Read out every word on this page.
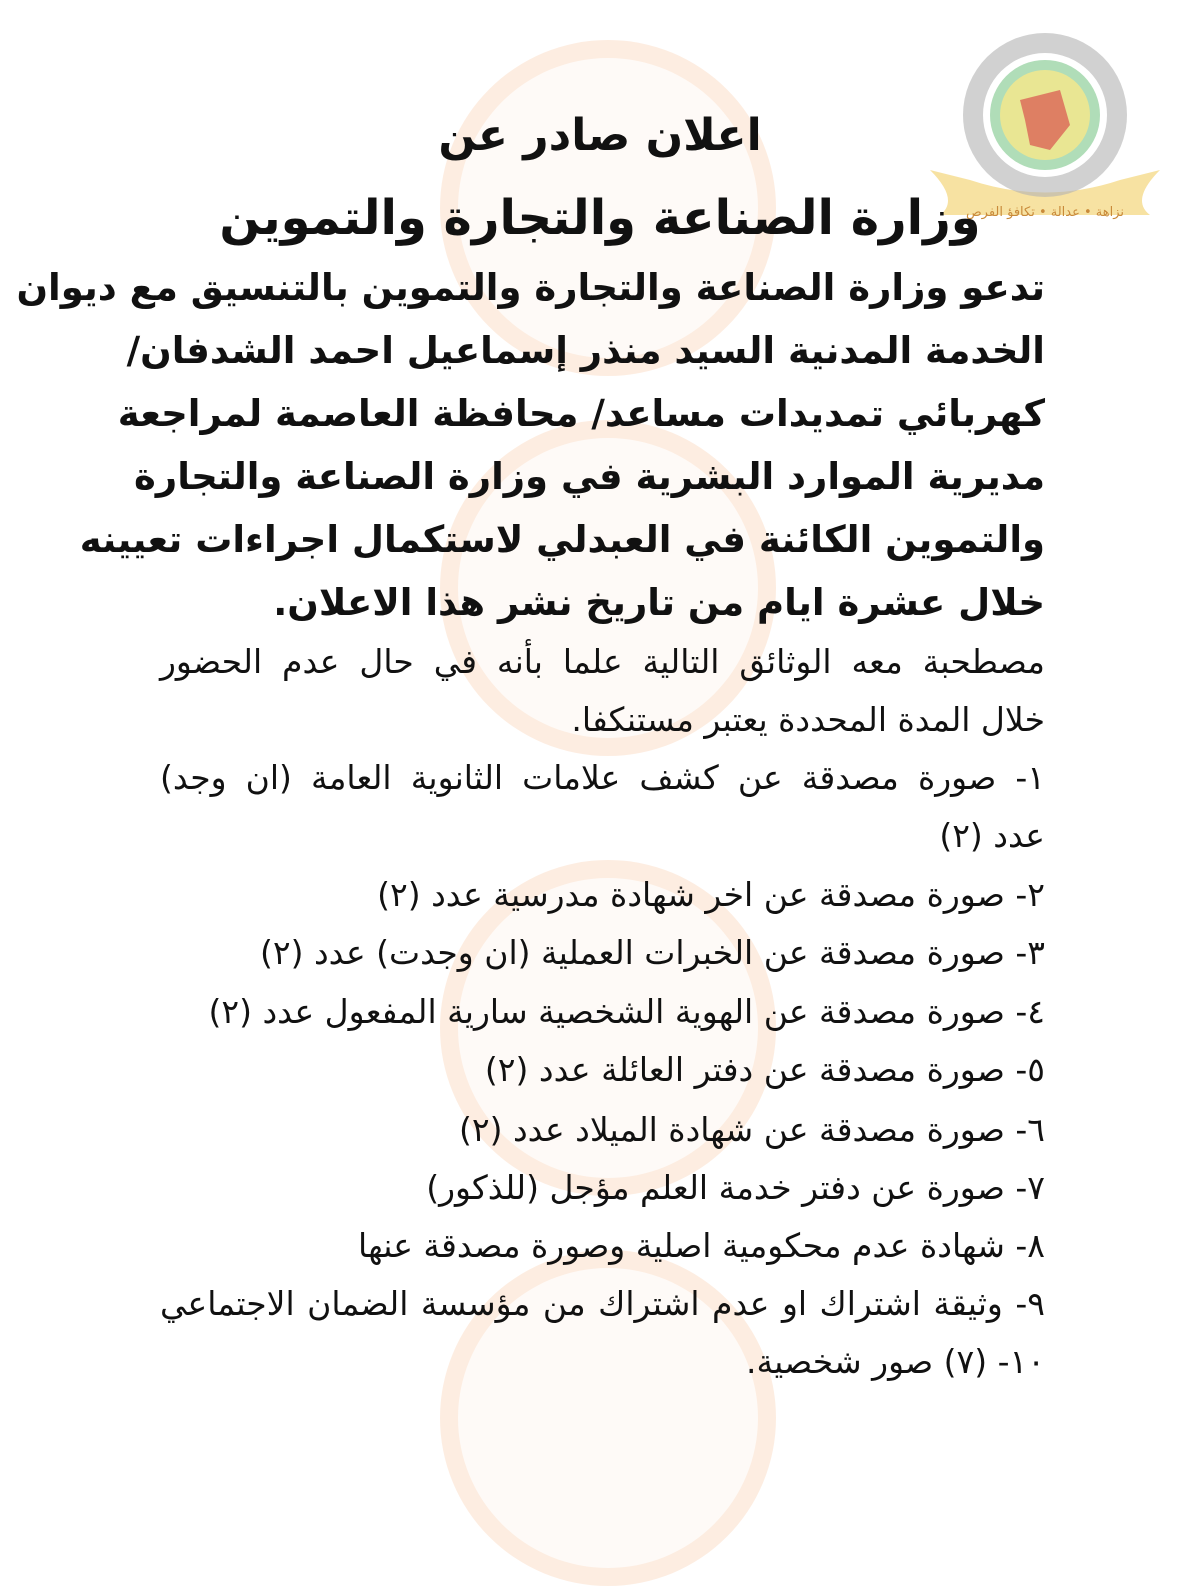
نزاهة • عدالة • تكافؤ الفرص
اعلان صادر عن
وزارة الصناعة والتجارة والتموين
تدعو وزارة الصناعة والتجارة والتموين بالتنسيق مع ديوان
الخدمة المدنية السيد منذر إسماعيل احمد الشدفان/
كهربائي تمديدات مساعد/ محافظة العاصمة لمراجعة
مديرية الموارد البشرية في وزارة الصناعة والتجارة
والتموين الكائنة في العبدلي لاستكمال اجراءات تعيينه
خلال عشرة ايام من تاريخ نشر هذا الاعلان.
مصطحبة معه الوثائق التالية علما بأنه في حال عدم الحضور
خلال المدة المحددة يعتبر مستنكفا.
١- صورة مصدقة عن كشف علامات الثانوية العامة (ان وجد)
عدد (٢)
٢- صورة مصدقة عن اخر شهادة مدرسية عدد (٢)
٣- صورة مصدقة عن الخبرات العملية (ان وجدت) عدد (٢)
٤- صورة مصدقة عن الهوية الشخصية سارية المفعول عدد (٢)
٥- صورة مصدقة عن دفتر العائلة عدد (٢)
٦- صورة مصدقة عن شهادة الميلاد عدد (٢)
٧- صورة عن دفتر خدمة العلم مؤجل (للذكور)
٨- شهادة عدم محكومية اصلية وصورة مصدقة عنها
٩- وثيقة اشتراك او عدم اشتراك من مؤسسة الضمان الاجتماعي
١٠- (٧) صور شخصية.
